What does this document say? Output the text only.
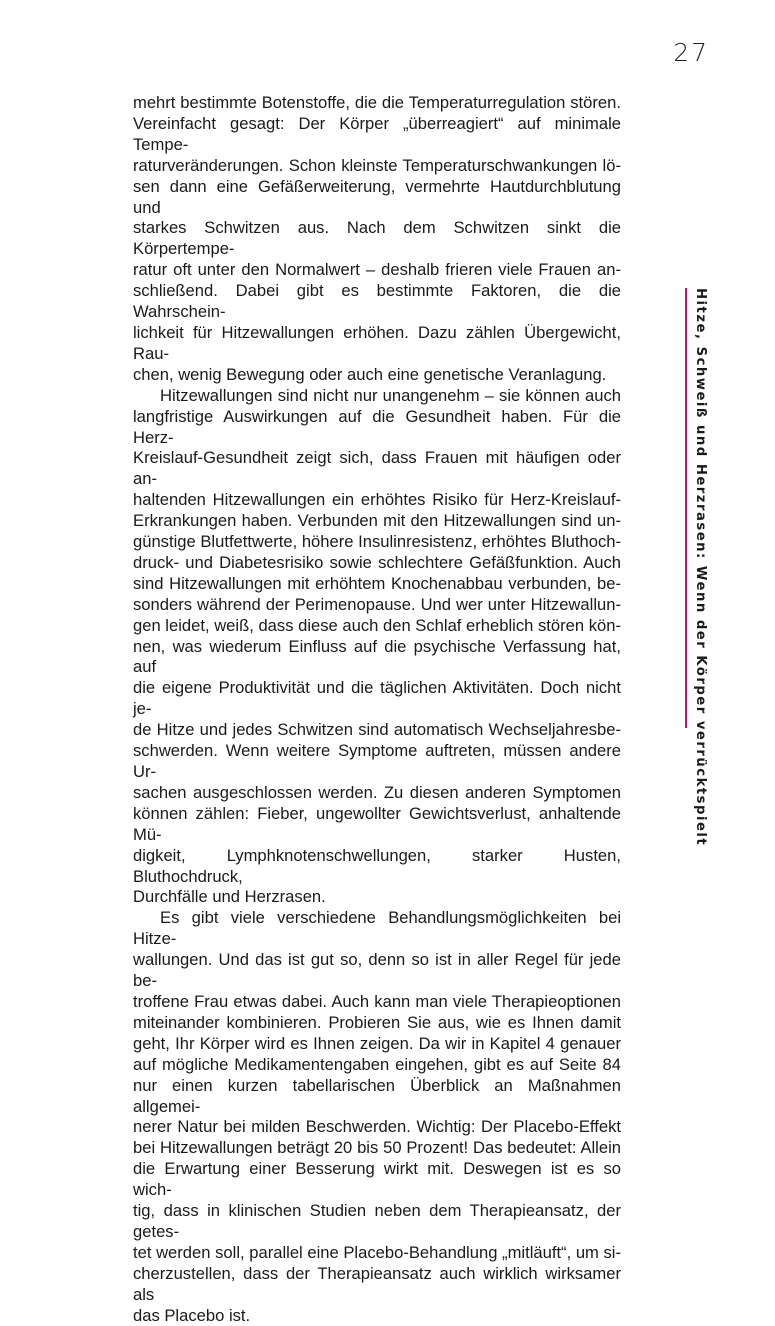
27
mehrt bestimmte Botenstoffe, die die Temperaturregulation stören.
Vereinfacht gesagt: Der Körper „überreagiert“ auf minimale Tempe-
raturveränderungen. Schon kleinste Temperaturschwankungen lö-
sen dann eine Gefäßerweiterung, vermehrte Hautdurchblutung und
starkes Schwitzen aus. Nach dem Schwitzen sinkt die Körpertempe-
ratur oft unter den Normalwert – deshalb frieren viele Frauen an-
schließend. Dabei gibt es bestimmte Faktoren, die die Wahrschein-
lichkeit für Hitzewallungen erhöhen. Dazu zählen Übergewicht, Rau-
chen, wenig Bewegung oder auch eine genetische Veranlagung.
Hitzewallungen sind nicht nur unangenehm – sie können auch
langfristige Auswirkungen auf die Gesundheit haben. Für die Herz-
Kreislauf-Gesundheit zeigt sich, dass Frauen mit häufigen oder an-
haltenden Hitzewallungen ein erhöhtes Risiko für Herz-Kreislauf-
Erkrankungen haben. Verbunden mit den Hitzewallungen sind un-
günstige Blutfettwerte, höhere Insulinresistenz, erhöhtes Bluthoch-
druck- und Diabetesrisiko sowie schlechtere Gefäßfunktion. Auch
sind Hitzewallungen mit erhöhtem Knochenabbau verbunden, be-
sonders während der Perimenopause. Und wer unter Hitzewallun-
gen leidet, weiß, dass diese auch den Schlaf erheblich stören kön-
nen, was wiederum Einfluss auf die psychische Verfassung hat, auf
die eigene Produktivität und die täglichen Aktivitäten. Doch nicht je-
de Hitze und jedes Schwitzen sind automatisch Wechseljahresbe-
schwerden. Wenn weitere Symptome auftreten, müssen andere Ur-
sachen ausgeschlossen werden. Zu diesen anderen Symptomen
können zählen: Fieber, ungewollter Gewichtsverlust, anhaltende Mü-
digkeit, Lymphknotenschwellungen, starker Husten, Bluthochdruck,
Durchfälle und Herzrasen.
Es gibt viele verschiedene Behandlungsmöglichkeiten bei Hitze-
wallungen. Und das ist gut so, denn so ist in aller Regel für jede be-
troffene Frau etwas dabei. Auch kann man viele Therapieoptionen
miteinander kombinieren. Probieren Sie aus, wie es Ihnen damit
geht, Ihr Körper wird es Ihnen zeigen. Da wir in Kapitel 4 genauer
auf mögliche Medikamentengaben eingehen, gibt es auf Seite 84
nur einen kurzen tabellarischen Überblick an Maßnahmen allgemei-
nerer Natur bei milden Beschwerden. Wichtig: Der Placebo-Effekt
bei Hitzewallungen beträgt 20 bis 50 Prozent! Das bedeutet: Allein
die Erwartung einer Besserung wirkt mit. Deswegen ist es so wich-
tig, dass in klinischen Studien neben dem Therapieansatz, der getes-
tet werden soll, parallel eine Placebo-Behandlung „mitläuft“, um si-
cherzustellen, dass der Therapieansatz auch wirklich wirksamer als
das Placebo ist.
Hitze, Schweiß und Herzrasen: Wenn der Körper verrücktspielt
